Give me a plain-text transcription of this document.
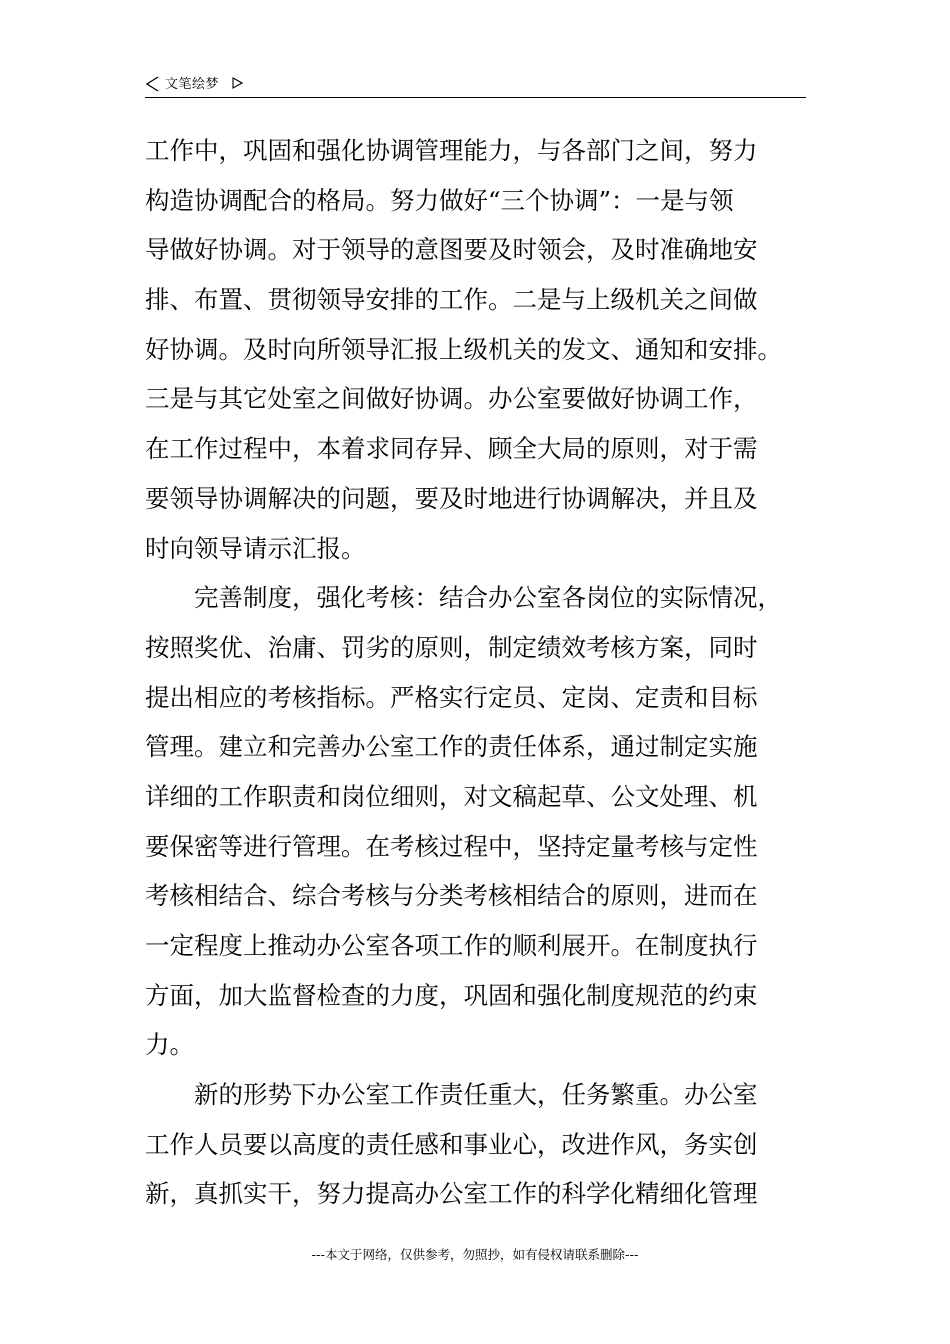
文笔绘梦
工作中，巩固和强化协调管理能力，与各部门之间，努力
构造协调配合的格局。努力做好“三个协调”：一是与领
导做好协调。对于领导的意图要及时领会，及时准确地安
排、布置、贯彻领导安排的工作。二是与上级机关之间做
好协调。及时向所领导汇报上级机关的发文、通知和安排。
三是与其它处室之间做好协调。办公室要做好协调工作，
在工作过程中，本着求同存异、顾全大局的原则，对于需
要领导协调解决的问题，要及时地进行协调解决，并且及
时向领导请示汇报。
　　完善制度，强化考核：结合办公室各岗位的实际情况，
按照奖优、治庸、罚劣的原则，制定绩效考核方案，同时
提出相应的考核指标。严格实行定员、定岗、定责和目标
管理。建立和完善办公室工作的责任体系，通过制定实施
详细的工作职责和岗位细则，对文稿起草、公文处理、机
要保密等进行管理。在考核过程中，坚持定量考核与定性
考核相结合、综合考核与分类考核相结合的原则，进而在
一定程度上推动办公室各项工作的顺利展开。在制度执行
方面，加大监督检查的力度，巩固和强化制度规范的约束
力。
　　新的形势下办公室工作责任重大，任务繁重。办公室
工作人员要以高度的责任感和事业心，改进作风，务实创
新，真抓实干，努力提高办公室工作的科学化精细化管理
---本文于网络，仅供参考，勿照抄，如有侵权请联系删除---
